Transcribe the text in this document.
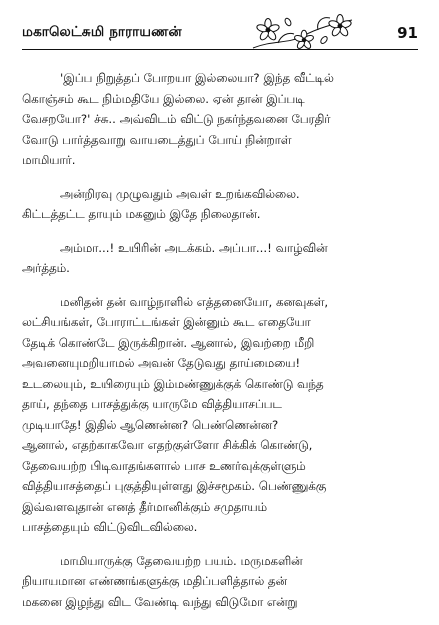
மகாலெட்சுமி நாராயணன்	91

'இப்ப நிறுத்தப் போறயா இல்லையா? இந்த வீட்டில்
கொஞ்சம் கூட நிம்மதியே இல்லை. ஏன் தான் இப்படி
வேசறயோ?' ச்சு.. அவ்விடம் விட்டு நகர்ந்தவனை பேரதிர்
வோடு பார்த்தவாறு வாயடைத்துப் போய் நின்றாள்
மாமியார்.

அன்றிரவு முழுவதும் அவள் உறங்கவில்லை.
கிட்டத்தட்ட தாயும் மகனும் இதே நிலைதான்.

அம்மா...! உயிரின் அடக்கம். அப்பா...! வாழ்வின்
அர்த்தம்.

மனிதன் தன் வாழ்நாளில் எத்தனையோ, கனவுகள்,
லட்சியங்கள், போராட்டங்கள் இன்னும் கூட எதையோ
தேடிக் கொண்டே இருக்கிறான். ஆனால், இவற்றை மீறி
அவனையுமறியாமல் அவன் தேடுவது தாய்மையை!
உடலையும், உயிரையும் இம்மண்ணுக்குக் கொண்டு வந்த
தாய், தந்தை பாசத்துக்கு யாருமே வித்தியாசப்பட
முடியாதே! இதில் ஆணென்ன? பெண்ணென்ன?
ஆனால், எதற்காகவோ எதற்குள்ளோ சிக்கிக் கொண்டு,
தேவையற்ற பிடிவாதங்களால் பாச உணர்வுக்குள்ளும்
வித்தியாசத்தைப் புகுத்தியுள்ளது இச்சமூகம். பெண்ணுக்கு
இவ்வளவுதான் எனத் தீர்மானிக்கும் சமுதாயம்
பாசத்தையும் விட்டுவிடவில்லை.

மாமியாருக்கு தேவையற்ற பயம். மருமகளின்
நியாயமான எண்ணங்களுக்கு மதிப்பளித்தால் தன்
மகனை இழந்து விட வேண்டி வந்து விடுமோ என்று
